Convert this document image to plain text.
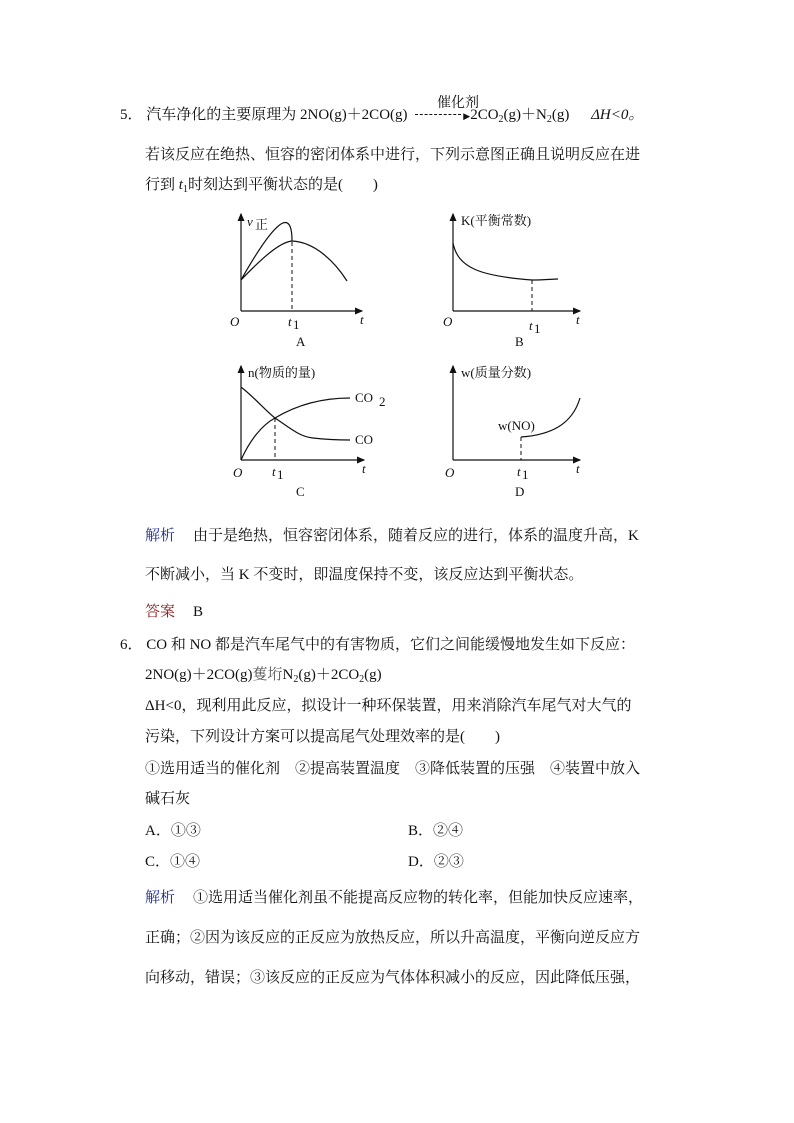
5． 汽车净化的主要原理为 2NO(g)＋2CO(g)	$▶2CO_2(g)+N_2(g)$ ΔH<0。
催化剂
若该反应在绝热、恒容的密闭体系中进行，下列示意图正确且说明反应在进
行到 $t_1$时刻达到平衡状态的是(　　)
v 正
O	t 1	t
A
K(平衡常数)
O	t 1
t
B
n(物质的量)
CO 2
CO
O t 1	t
C
w(质量分数)
w(NO)
O	t 1	t
D
解析 由于是绝热，恒容密闭体系，随着反应的进行，体系的温度升高，K
不断减小，当 K 不变时，即温度保持不变，该反应达到平衡状态。
答案 B
6． CO 和 NO 都是汽车尾气中的有害物质，它们之间能缓慢地发生如下反应：
2NO(g)＋2CO(g)蒦垳$N_2(g)+2CO_2(g)$
ΔH<0，现利用此反应，拟设计一种环保装置，用来消除汽车尾气对大气的
污染，下列设计方案可以提高尾气处理效率的是(　　)
①选用适当的催化剂　②提高装置温度　③降低装置的压强　④装置中放入
碱石灰
A．①③	B．②④
C．①④	D．②③
解析 ①选用适当催化剂虽不能提高反应物的转化率，但能加快反应速率，
正确；②因为该反应的正反应为放热反应，所以升高温度，平衡向逆反应方
向移动，错误；③该反应的正反应为气体体积减小的反应，因此降低压强，
